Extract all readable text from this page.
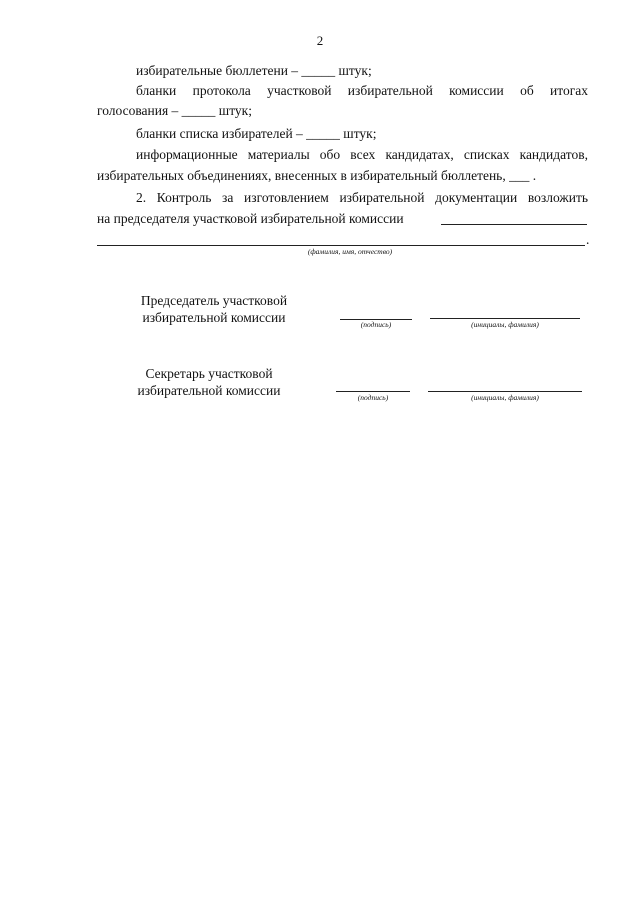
2
избирательные бюллетени – _____ штук;
бланки протокола участковой избирательной комиссии об итогах
голосования – _____ штук;
бланки списка избирателей – _____ штук;
информационные материалы обо всех кандидатах, списках кандидатов,
избирательных объединениях, внесенных в избирательный бюллетень, ___ .
2. Контроль за изготовлением избирательной документации возложить
на председателя участковой избирательной комиссии
.
(фамилия, имя, отчество)
Председатель участковой
избирательной комиссии	(подпись)	(инициалы, фамилия)
Секретарь участковой
избирательной комиссии	(подпись)	(инициалы, фамилия)
